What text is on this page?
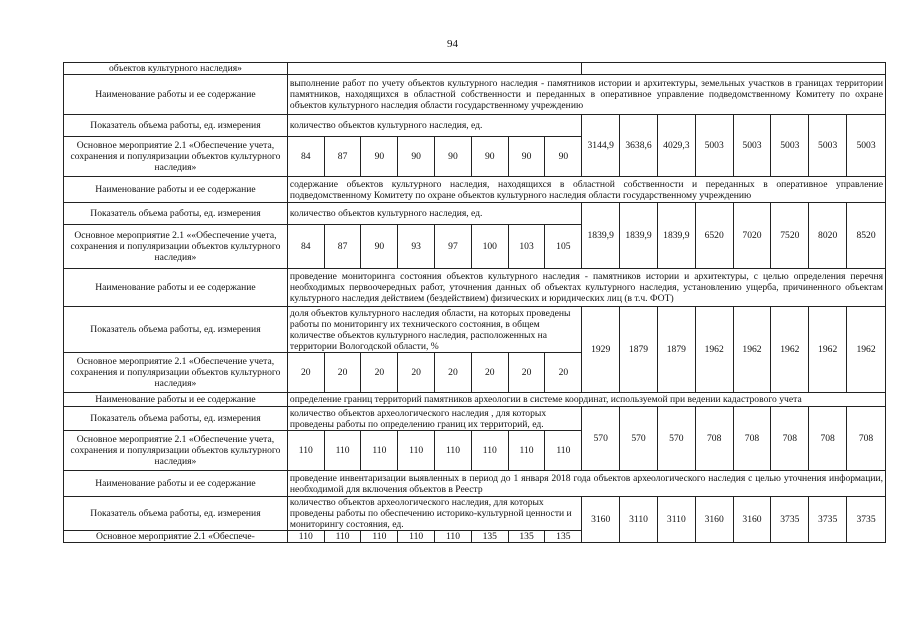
94
объектов культурного наследия»																
Наименование работы и ее содержание	выполнение работ по учету объектов культурного наследия - памятников истории и архитектуры, земельных участков в границах территории памятников, находящихся в областной собственности и переданных в оперативное управление подведомственному Комитету по охране объектов культурного наследия области государственному учреждению															
Показатель объема работы, ед. измерения	количество объектов культурного наследия, ед.								3144,9	3638,6	4029,3	5003	5003	5003	5003	5003
Основное мероприятие 2.1 «Обеспечение учета, сохранения и популяризации объектов культурного наследия»	84	87	90	90	90	90	90	90								
Наименование работы и ее содержание	содержание объектов культурного наследия, находящихся в областной собственности и переданных в оперативное управление подведомственному Комитету по охране объектов культурного наследия области государственному учреждению															
Показатель объема работы, ед. измерения	количество объектов культурного наследия, ед.								1839,9	1839,9	1839,9	6520	7020	7520	8020	8520
Основное мероприятие 2.1 ««Обеспечение учета, сохранения и популяризации объектов культурного наследия»	84	87	90	93	97	100	103	105								
Наименование работы и ее содержание	проведение мониторинга состояния объектов культурного наследия - памятников истории и архитектуры, с целью определения перечня необходимых первоочередных работ, уточнения данных об объектах культурного наследия, установлению ущерба, причиненного объектам культурного наследия действием (бездействием) физических и юридических лиц (в т.ч. ФОТ)															
Показатель объема работы, ед. измерения	доля объектов культурного наследия области, на которых проведены работы по мониторингу их технического состояния, в общем количестве объектов культурного наследия, расположенных на территории Вологодской области, %								1929	1879	1879	1962	1962	1962	1962	1962
Основное мероприятие 2.1 «Обеспечение учета, сохранения и популяризации объектов культурного наследия»	20	20	20	20	20	20	20	20								
Наименование работы и ее содержание	определение границ территорий памятников археологии в системе координат, используемой при ведении кадастрового учета															
Показатель объема работы, ед. измерения	количество объектов археологического наследия , для которых проведены работы по определению границ их территорий, ед.								570	570	570	708	708	708	708	708
Основное мероприятие 2.1 «Обеспечение учета, сохранения и популяризации объектов культурного наследия»	110	110	110	110	110	110	110	110								
Наименование работы и ее содержание	проведение инвентаризации выявленных в период до 1 января 2018 года объектов археологического наследия с целью уточнения информации, необходимой для включения объектов в Реестр															
Показатель объема работы, ед. измерения	количество объектов археологического наследия, для которых проведены работы по обеспечению историко-культурной ценности и мониторингу состояния, ед.								3160	3110	3110	3160	3160	3735	3735	3735
Основное мероприятие 2.1 «Обеспече-	110	110	110	110	110	135	135	135								
